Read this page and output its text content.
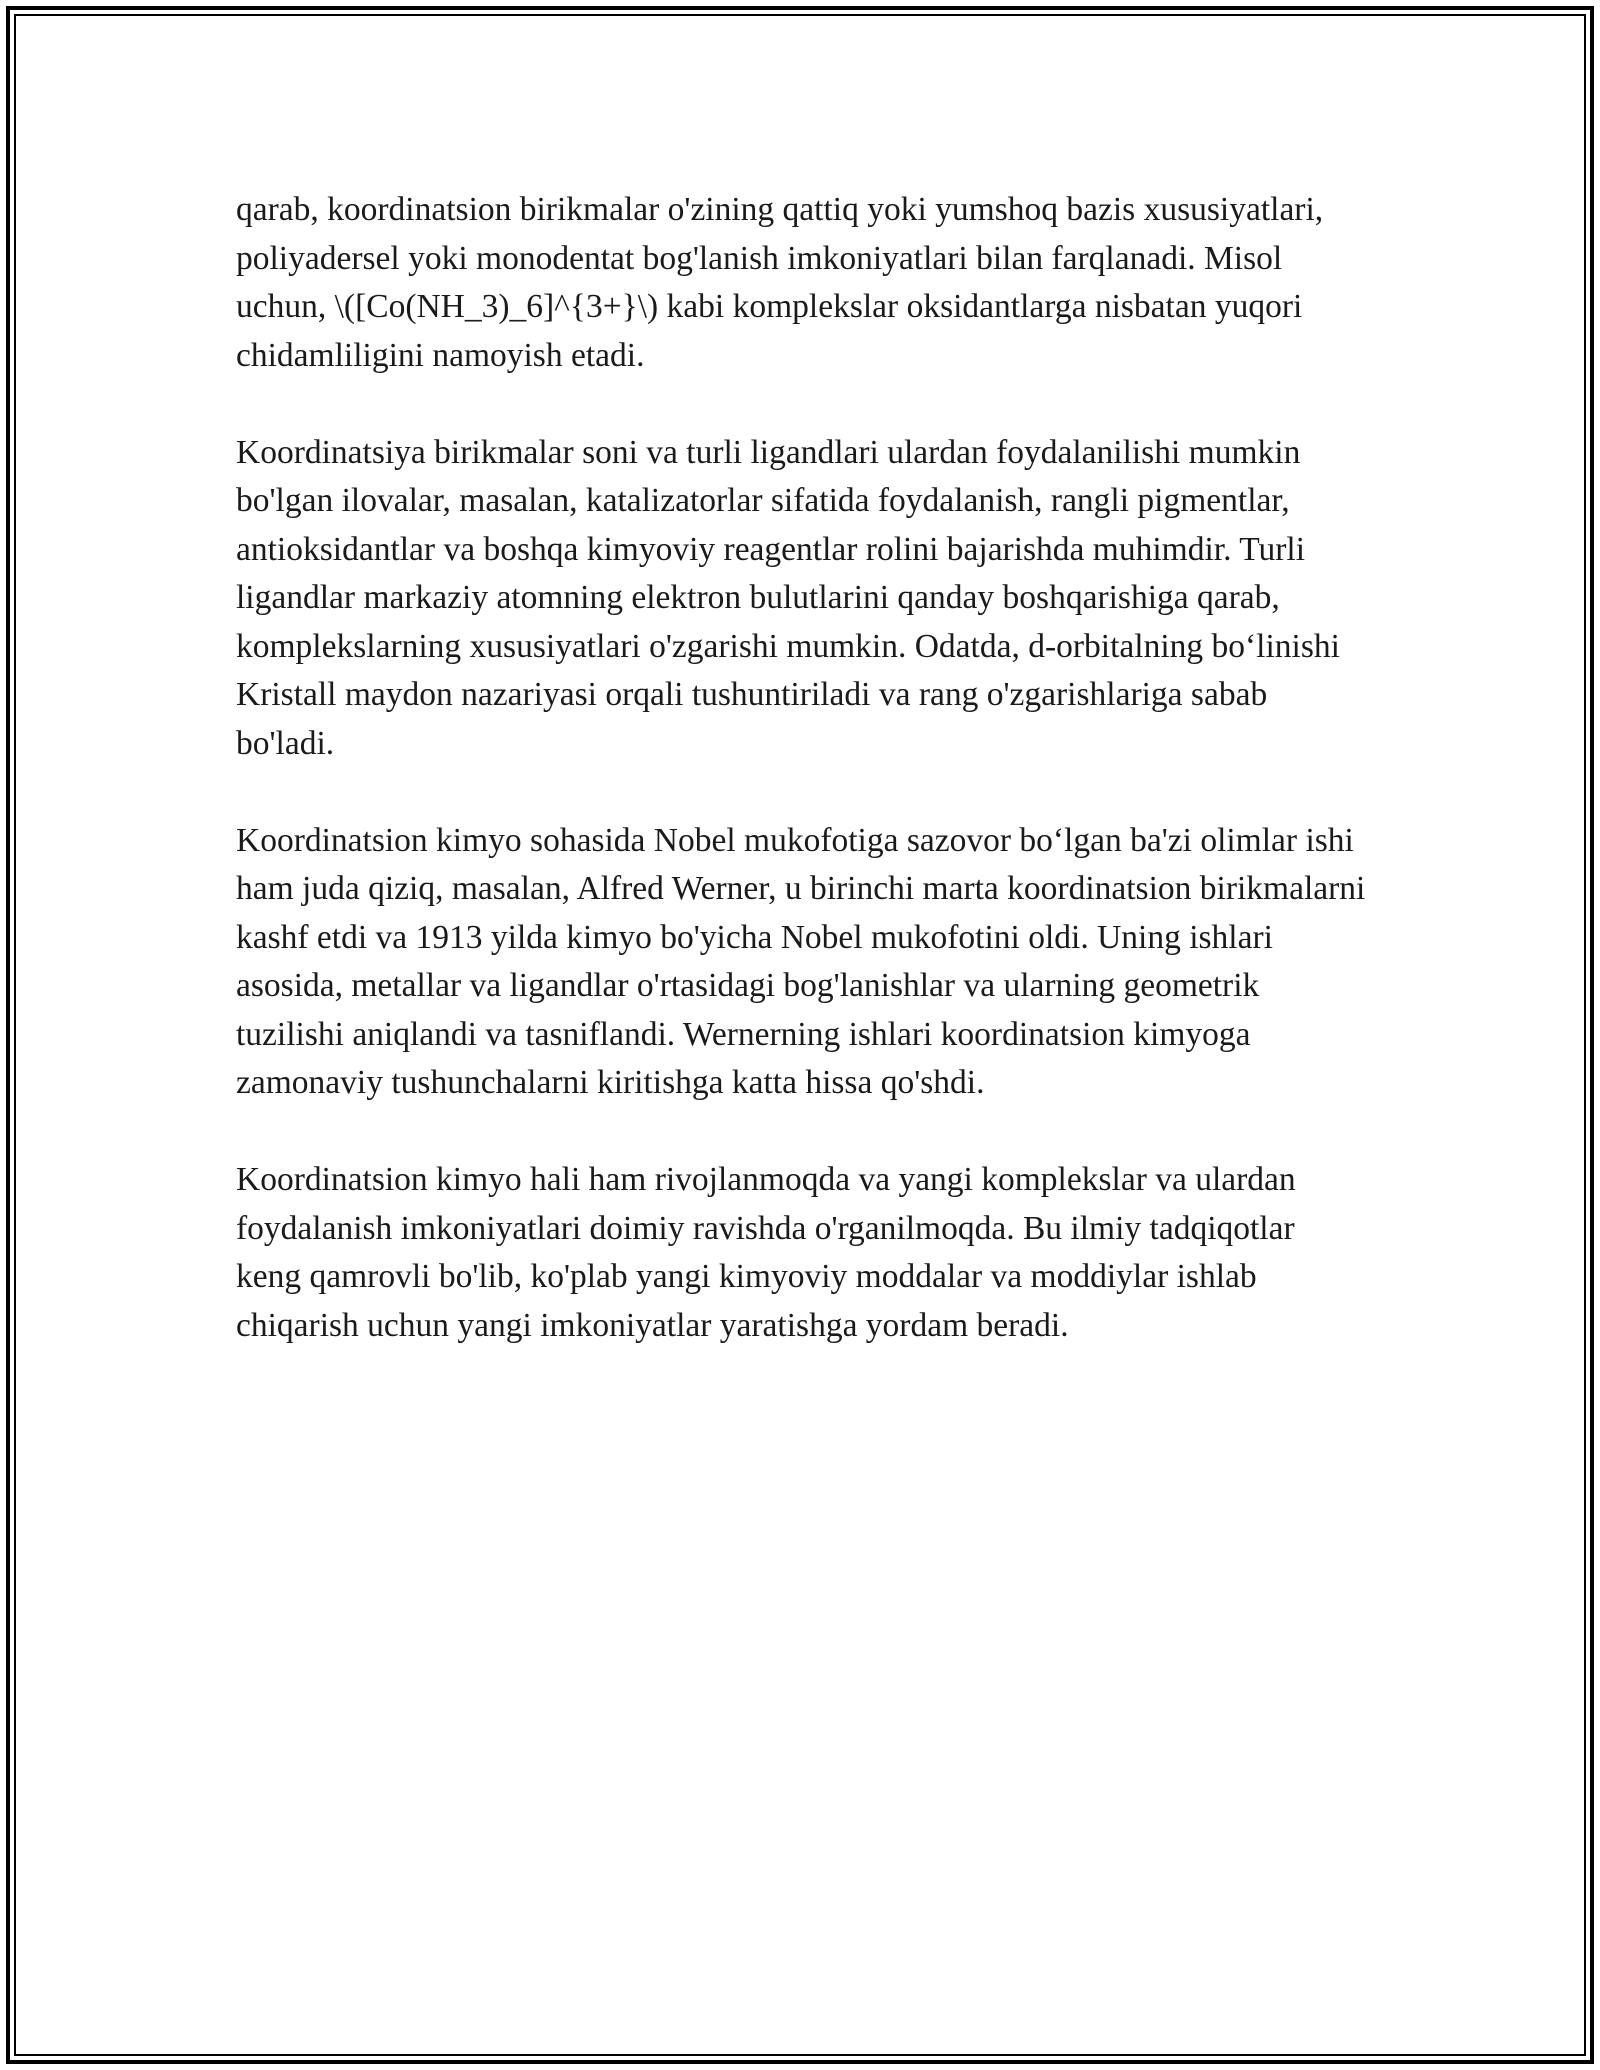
qarab, koordinatsion birikmalar o'zining qattiq yoki yumshoq bazis xususiyatlari, poliyadersel yoki monodentat bog'lanish imkoniyatlari bilan farqlanadi. Misol uchun, \([Co(NH_3)_6]^{3+}\) kabi komplekslar oksidantlarga nisbatan yuqori chidamliligini namoyish etadi.

Koordinatsiya birikmalar soni va turli ligandlari ulardan foydalanilishi mumkin bo'lgan ilovalar, masalan, katalizatorlar sifatida foydalanish, rangli pigmentlar, antioksidantlar va boshqa kimyoviy reagentlar rolini bajarishda muhimdir. Turli ligandlar markaziy atomning elektron bulutlarini qanday boshqarishiga qarab, komplekslarning xususiyatlari o'zgarishi mumkin. Odatda, d-orbitalning bo‘linishi Kristall maydon nazariyasi orqali tushuntiriladi va rang o'zgarishlariga sabab bo'ladi.

Koordinatsion kimyo sohasida Nobel mukofotiga sazovor bo‘lgan ba'zi olimlar ishi ham juda qiziq, masalan, Alfred Werner, u birinchi marta koordinatsion birikmalarni kashf etdi va 1913 yilda kimyo bo'yicha Nobel mukofotini oldi. Uning ishlari asosida, metallar va ligandlar o'rtasidagi bog'lanishlar va ularning geometrik tuzilishi aniqlandi va tasniflandi. Wernerning ishlari koordinatsion kimyoga zamonaviy tushunchalarni kiritishga katta hissa qo'shdi.

Koordinatsion kimyo hali ham rivojlanmoqda va yangi komplekslar va ulardan foydalanish imkoniyatlari doimiy ravishda o'rganilmoqda. Bu ilmiy tadqiqotlar keng qamrovli bo'lib, ko'plab yangi kimyoviy moddalar va moddiylar ishlab chiqarish uchun yangi imkoniyatlar yaratishga yordam beradi.
